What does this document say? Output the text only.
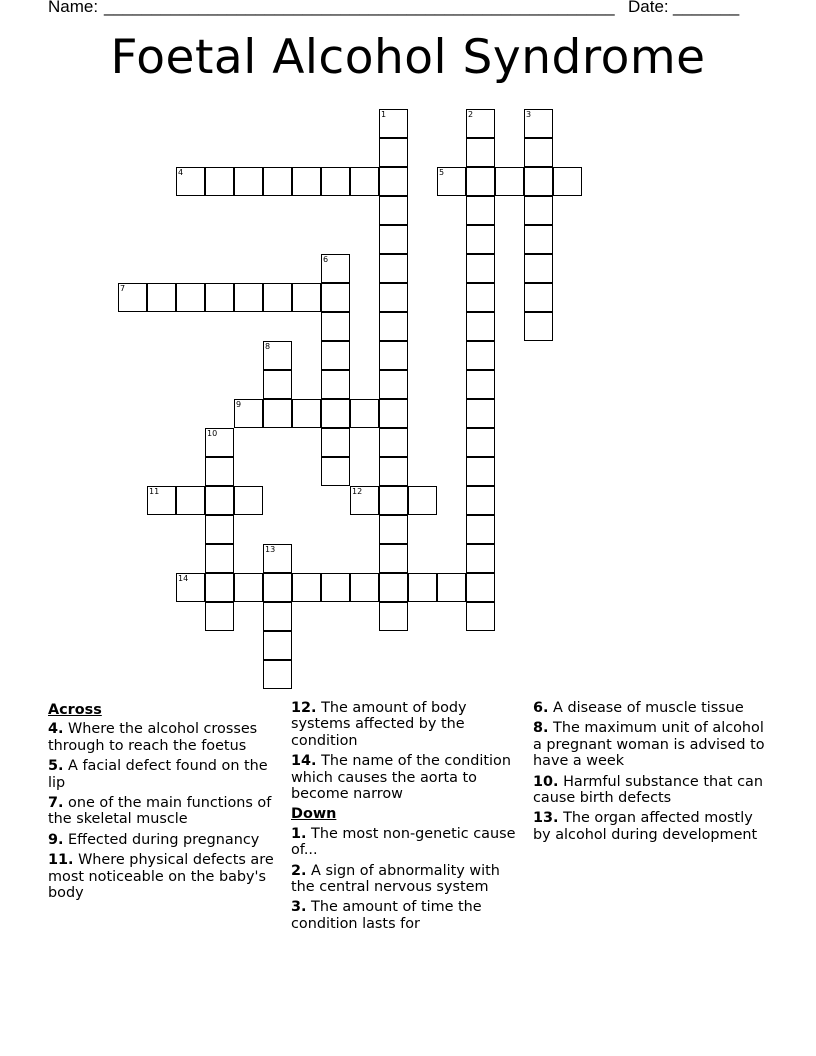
Name: ______________________________________________________ Date: _______
Foetal Alcohol Syndrome
1	2	3
4	5
6
7
8
9
10
11	12
13
14
Across
4. Where the alcohol crosses through to reach the foetus
5. A facial defect found on the lip
7. one of the main functions of the skeletal muscle
9. Effected during pregnancy
11. Where physical defects are most noticeable on the baby's body
12. The amount of body systems affected by the condition
14. The name of the condition which causes the aorta to become narrow
Down
1. The most non-genetic cause of...
2. A sign of abnormality with the central nervous system
3. The amount of time the condition lasts for
6. A disease of muscle tissue
8. The maximum unit of alcohol a pregnant woman is advised to have a week
10. Harmful substance that can cause birth defects
13. The organ affected mostly by alcohol during development
